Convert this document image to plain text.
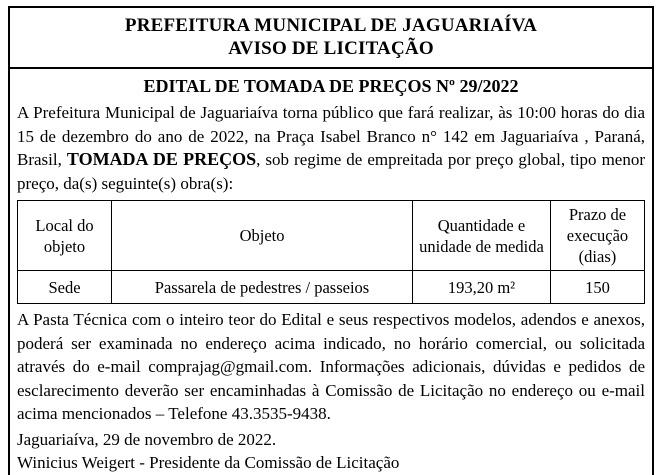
PREFEITURA MUNICIPAL DE JAGUARIAÍVA
AVISO DE LICITAÇÃO
EDITAL DE TOMADA DE PREÇOS Nº 29/2022

A Prefeitura Municipal de Jaguariaíva torna público que fará realizar, às 10:00 horas do dia 15 de dezembro do ano de 2022, na Praça Isabel Branco n° 142 em Jaguariaíva , Paraná, Brasil, TOMADA DE PREÇOS, sob regime de empreitada por preço global, tipo menor preço, da(s) seguinte(s) obra(s):

Local do objeto	Objeto	Quantidade e unidade de medida	Prazo de execução (dias)
Sede	Passarela de pedestres / passeios	193,20 m²	150

A Pasta Técnica com o inteiro teor do Edital e seus respectivos modelos, adendos e anexos, poderá ser examinada no endereço acima indicado, no horário comercial, ou solicitada através do e-mail comprajag@gmail.com. Informações adicionais, dúvidas e pedidos de esclarecimento deverão ser encaminhadas à Comissão de Licitação no endereço ou e-mail acima mencionados – Telefone 43.3535-9438.

Jaguariaíva, 29 de novembro de 2022.

Winicius Weigert - Presidente da Comissão de Licitação
